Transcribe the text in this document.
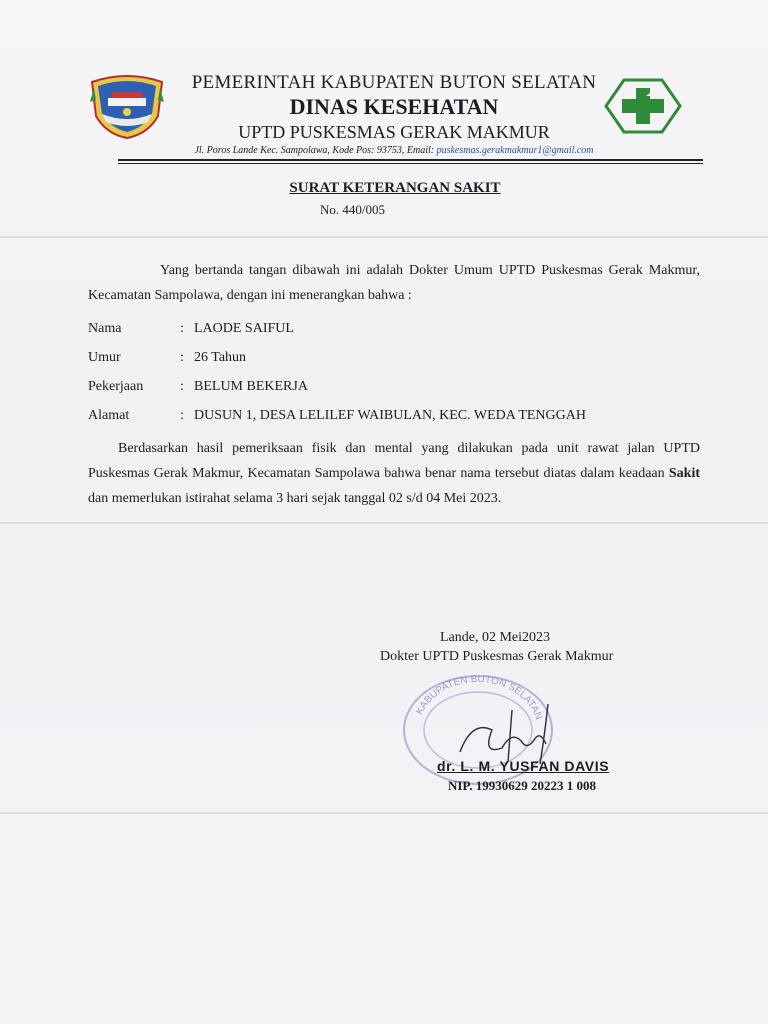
PEMERINTAH KABUPATEN BUTON SELATAN
DINAS KESEHATAN
UPTD PUSKESMAS GERAK MAKMUR
Jl. Poros Lande Kec. Sampolawa, Kode Pos: 93753, Email: puskesmas.gerakmakmur1@gmail.com
SURAT KETERANGAN SAKIT
No. 440/005
Yang bertanda tangan dibawah ini adalah Dokter Umum UPTD Puskesmas Gerak Makmur, Kecamatan Sampolawa, dengan ini menerangkan bahwa :
Nama	: LAODE SAIFUL
Umur	: 26 Tahun
Pekerjaan	: BELUM BEKERJA
Alamat	: DUSUN 1, DESA LELILEF WAIBULAN, KEC. WEDA TENGGAH
Berdasarkan hasil pemeriksaan fisik dan mental yang dilakukan pada unit rawat jalan UPTD Puskesmas Gerak Makmur, Kecamatan Sampolawa bahwa benar nama tersebut diatas dalam keadaan Sakit dan memerlukan istirahat selama 3 hari sejak tanggal 02 s/d 04 Mei 2023.
Lande, 02 Mei2023
Dokter UPTD Puskesmas Gerak Makmur
KABUPATEN BUTON SELATAN
dr. L. M. YUSFAN DAVIS
NIP. 19930629 20223 1 008
